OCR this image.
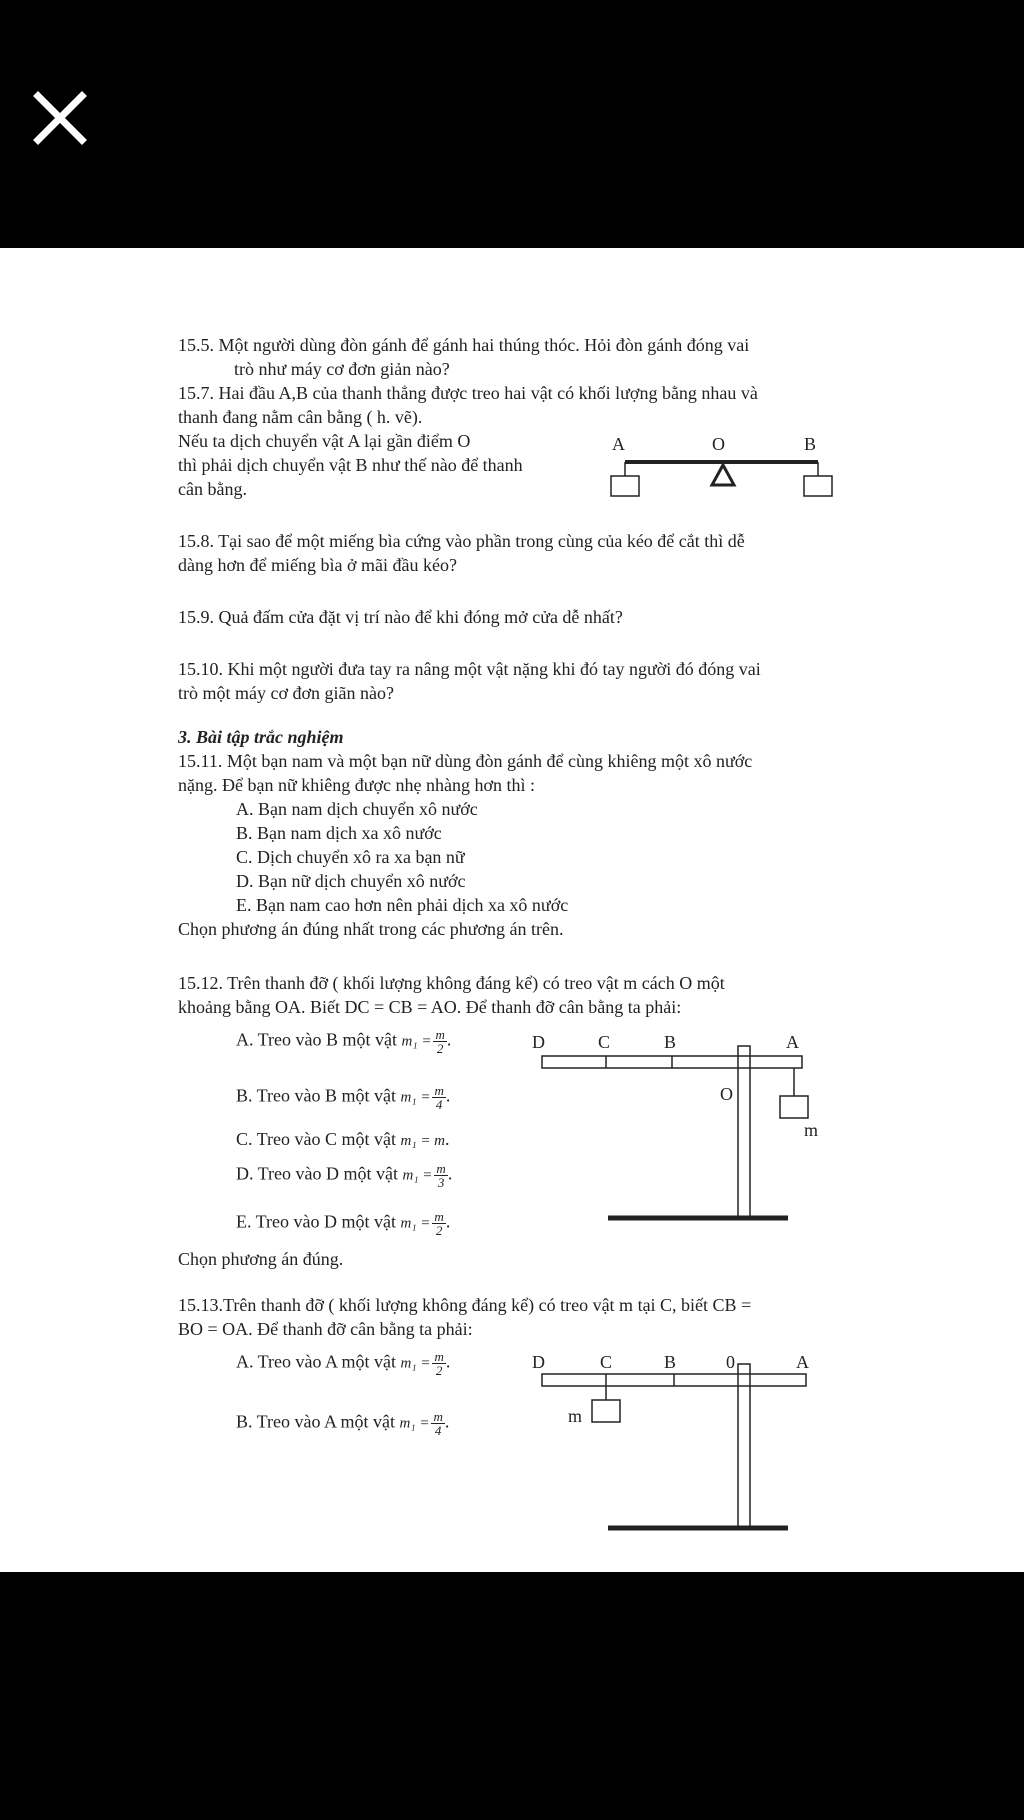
15.5. Một người dùng đòn gánh để gánh hai thúng thóc. Hỏi đòn gánh đóng vai
trò như máy cơ đơn giản nào?
15.7. Hai đầu A,B của thanh thẳng được treo hai vật có khối lượng bằng nhau và
thanh đang nằm cân bằng ( h. vẽ).
Nếu ta dịch chuyển vật A lại gần điểm O
thì phải dịch chuyển vật B như thế nào để thanh
cân bằng.
A	O	B
15.8. Tại sao để một miếng bìa cứng vào phần trong cùng của kéo để cắt thì dễ
dàng hơn để miếng bìa ở mãi đầu kéo?
15.9. Quả đấm cửa đặt vị trí nào để khi đóng mở cửa dễ nhất?
15.10. Khi một người đưa tay ra nâng một vật nặng khi đó tay người đó đóng vai
trò một máy cơ đơn giãn nào?
3. Bài tập trắc nghiệm
15.11. Một bạn nam và một bạn nữ dùng đòn gánh để cùng khiêng một xô nước
nặng. Để bạn nữ khiêng được nhẹ nhàng hơn thì :
A. Bạn nam dịch chuyển xô nước
B. Bạn nam dịch xa xô nước
C. Dịch chuyển xô ra xa bạn nữ
D. Bạn nữ dịch chuyển xô nước
E. Bạn nam cao hơn nên phải dịch xa xô nước
Chọn phương án đúng nhất trong các phương án trên.
15.12. Trên thanh đỡ ( khối lượng không đáng kể) có treo vật m cách O một
khoảng bằng OA. Biết DC = CB = AO. Để thanh đỡ cân bằng ta phải:
A. Treo vào B một vật $m_1 = \frac{m}{2}$ .
B. Treo vào B một vật $m_1 = \frac{m}{4}$ .
C. Treo vào C một vật m₁ = m.
D. Treo vào D một vật $m_1 = \frac{m}{3}$ .
E. Treo vào D một vật $m_1 = \frac{m}{2}$ .
Chọn phương án đúng.
D	C	B	A
O
m
15.13.Trên thanh đỡ ( khối lượng không đáng kể) có treo vật m tại C, biết CB =
BO = OA. Để thanh đỡ cân bằng ta phải:
A. Treo vào A một vật $m_1 = \frac{m}{2}$ .
B. Treo vào A một vật $m_1 = \frac{m}{4}$ .
D	C	B	0	A
m
